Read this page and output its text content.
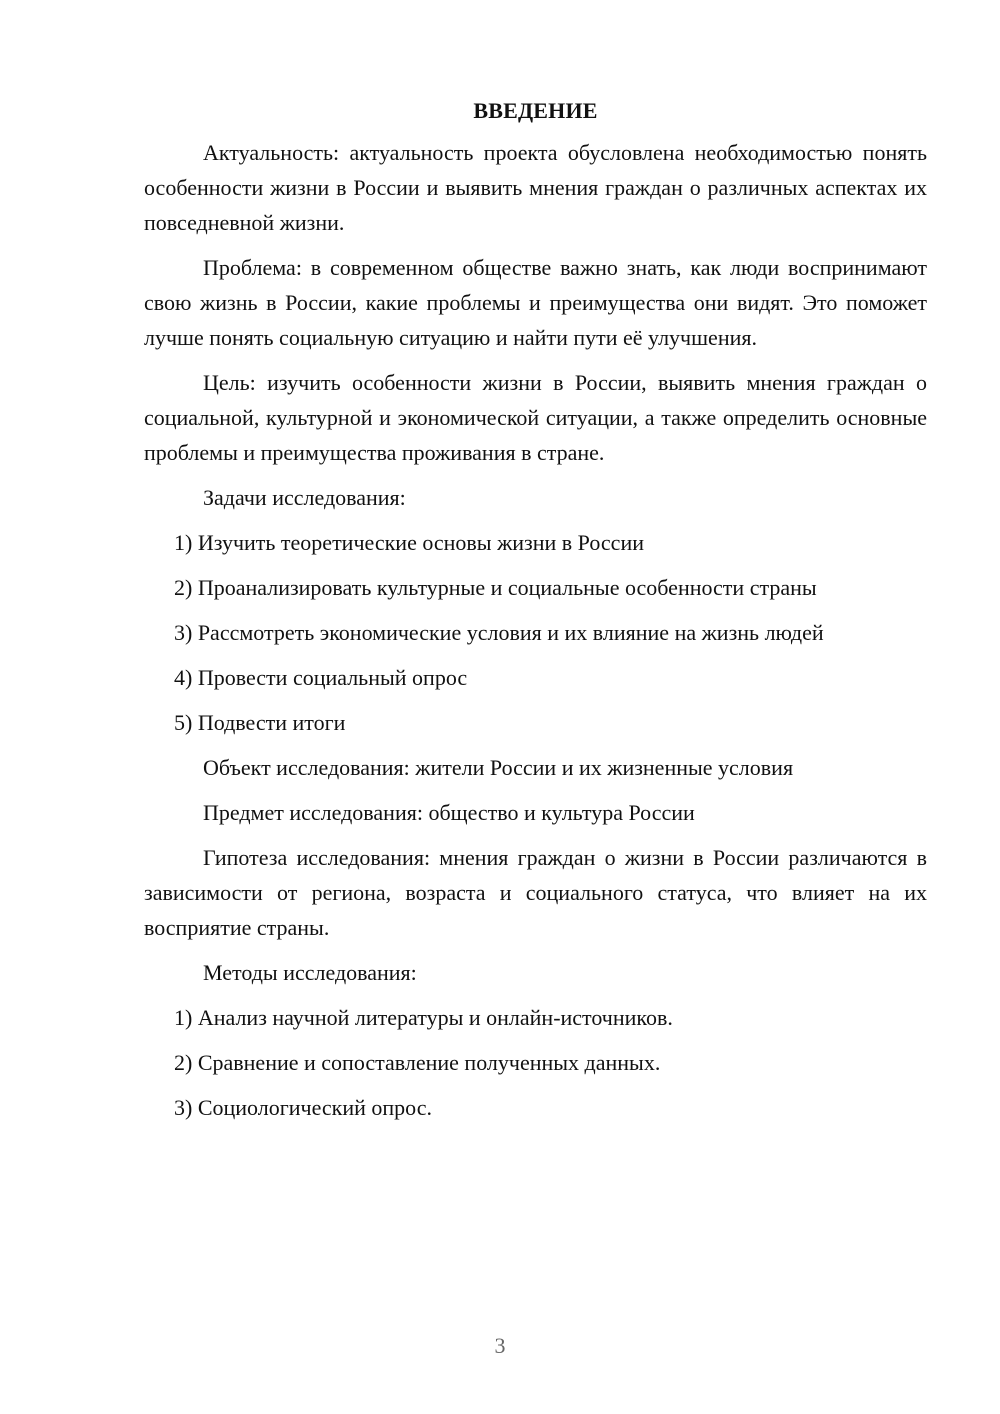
ВВЕДЕНИЕ

Актуальность: актуальность проекта обусловлена необходимостью понять особенности жизни в России и выявить мнения граждан о различных аспектах их повседневной жизни.

Проблема: в современном обществе важно знать, как люди воспринимают свою жизнь в России, какие проблемы и преимущества они видят. Это поможет лучше понять социальную ситуацию и найти пути её улучшения.

Цель: изучить особенности жизни в России, выявить мнения граждан о социальной, культурной и экономической ситуации, а также определить основные проблемы и преимущества проживания в стране.

Задачи исследования:

1) Изучить теоретические основы жизни в России
2) Проанализировать культурные и социальные особенности страны
3) Рассмотреть экономические условия и их влияние на жизнь людей
4) Провести социальный опрос
5) Подвести итоги

Объект исследования: жители России и их жизненные условия

Предмет исследования: общество и культура России

Гипотеза исследования: мнения граждан о жизни в России различаются в зависимости от региона, возраста и социального статуса, что влияет на их восприятие страны.

Методы исследования:

1) Анализ научной литературы и онлайн-источников.
2) Сравнение и сопоставление полученных данных.
3) Социологический опрос.
3
